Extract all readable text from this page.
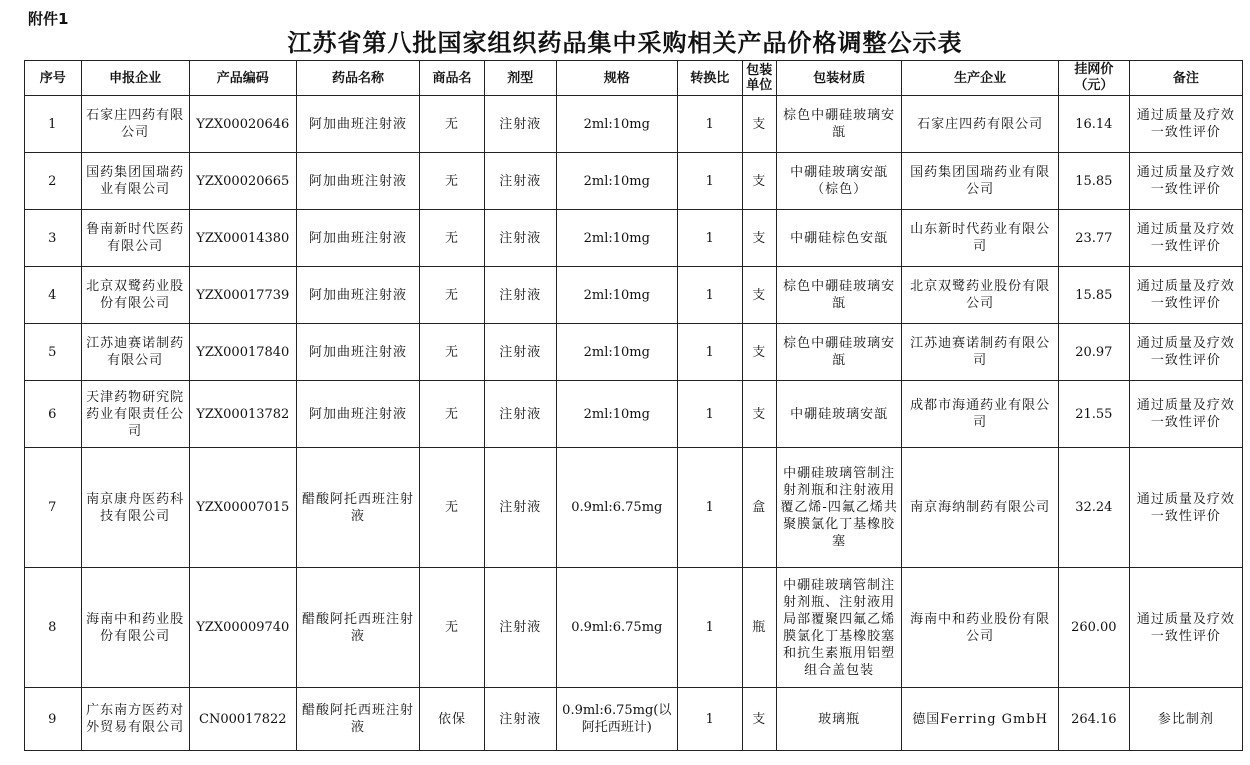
附件1
江苏省第八批国家组织药品集中采购相关产品价格调整公示表
序号	申报企业	产品编码	药品名称	商品名	剂型	规格	转换比	包装单位	包装材质	生产企业	挂网价（元）	备注
1	石家庄四药有限公司	YZX00020646	阿加曲班注射液	无	注射液	2ml:10mg	1	支	棕色中硼硅玻璃安瓿	石家庄四药有限公司	16.14	通过质量及疗效一致性评价
2	国药集团国瑞药业有限公司	YZX00020665	阿加曲班注射液	无	注射液	2ml:10mg	1	支	中硼硅玻璃安瓿（棕色）	国药集团国瑞药业有限公司	15.85	通过质量及疗效一致性评价
3	鲁南新时代医药有限公司	YZX00014380	阿加曲班注射液	无	注射液	2ml:10mg	1	支	中硼硅棕色安瓿	山东新时代药业有限公司	23.77	通过质量及疗效一致性评价
4	北京双鹭药业股份有限公司	YZX00017739	阿加曲班注射液	无	注射液	2ml:10mg	1	支	棕色中硼硅玻璃安瓿	北京双鹭药业股份有限公司	15.85	通过质量及疗效一致性评价
5	江苏迪赛诺制药有限公司	YZX00017840	阿加曲班注射液	无	注射液	2ml:10mg	1	支	棕色中硼硅玻璃安瓿	江苏迪赛诺制药有限公司	20.97	通过质量及疗效一致性评价
6	天津药物研究院药业有限责任公司	YZX00013782	阿加曲班注射液	无	注射液	2ml:10mg	1	支	中硼硅玻璃安瓿	成都市海通药业有限公司	21.55	通过质量及疗效一致性评价
7	南京康舟医药科技有限公司	YZX00007015	醋酸阿托西班注射液	无	注射液	0.9ml:6.75mg	1	盒	中硼硅玻璃管制注射剂瓶和注射液用覆乙烯-四氟乙烯共聚膜氯化丁基橡胶塞	南京海纳制药有限公司	32.24	通过质量及疗效一致性评价
8	海南中和药业股份有限公司	YZX00009740	醋酸阿托西班注射液	无	注射液	0.9ml:6.75mg	1	瓶	中硼硅玻璃管制注射剂瓶、注射液用局部覆聚四氟乙烯膜氯化丁基橡胶塞和抗生素瓶用铝塑组合盖包装	海南中和药业股份有限公司	260.00	通过质量及疗效一致性评价
9	广东南方医药对外贸易有限公司	CN00017822	醋酸阿托西班注射液	依保	注射液	0.9ml:6.75mg(以阿托西班计)	1	支	玻璃瓶	德国Ferring GmbH	264.16	参比制剂
